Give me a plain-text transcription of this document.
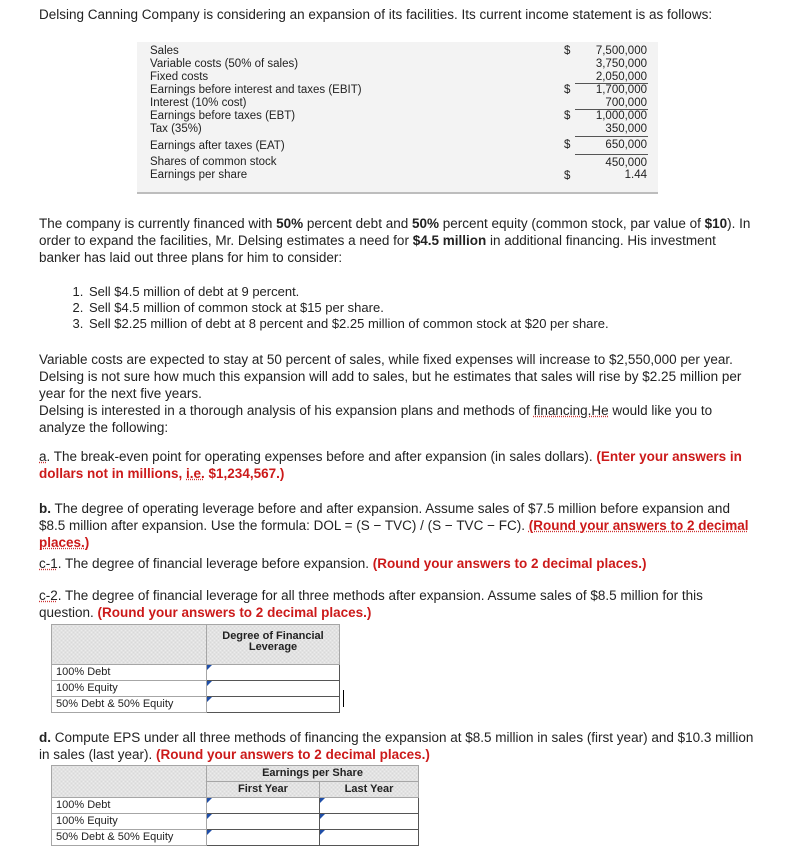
Delsing Canning Company is considering an expansion of its facilities. Its current income statement is as follows:
Sales	$ 7,500,000
Variable costs (50% of sales)	3,750,000
Fixed costs	2,050,000
Earnings before interest and taxes (EBIT)	$ 1,700,000
Interest (10% cost)	700,000
Earnings before taxes (EBT)	$ 1,000,000
Tax (35%)	350,000
Earnings after taxes (EAT)	$	650,000
Shares of common stock	450,000
Earnings per share	$	1.44
The company is currently financed with 50% percent debt and 50% percent equity (common stock, par value of $10). In order to expand the facilities, Mr. Delsing estimates a need for $4.5 million in additional financing. His investment banker has laid out three plans for him to consider:
1. Sell $4.5 million of debt at 9 percent.
2. Sell $4.5 million of common stock at $15 per share.
3. Sell $2.25 million of debt at 8 percent and $2.25 million of common stock at $20 per share.
Variable costs are expected to stay at 50 percent of sales, while fixed expenses will increase to $2,550,000 per year. Delsing is not sure how much this expansion will add to sales, but he estimates that sales will rise by $2.25 million per year for the next five years.
Delsing is interested in a thorough analysis of his expansion plans and methods of financing.He would like you to analyze the following:
a. The break-even point for operating expenses before and after expansion (in sales dollars). (Enter your answers in dollars not in millions, i.e. $1,234,567.)
b. The degree of operating leverage before and after expansion. Assume sales of $7.5 million before expansion and $8.5 million after expansion. Use the formula: DOL = (S − TVC) / (S − TVC − FC). (Round your answers to 2 decimal places.)
c-1. The degree of financial leverage before expansion. (Round your answers to 2 decimal places.)
c-2. The degree of financial leverage for all three methods after expansion. Assume sales of $8.5 million for this question. (Round your answers to 2 decimal places.)
	Degree of Financial Leverage
100% Debt	
100% Equity	
50% Debt & 50% Equity	
d. Compute EPS under all three methods of financing the expansion at $8.5 million in sales (first year) and $10.3 million in sales (last year). (Round your answers to 2 decimal places.)
	Earnings per Share	
	First Year	Last Year
100% Debt		
100% Equity		
50% Debt & 50% Equity		
